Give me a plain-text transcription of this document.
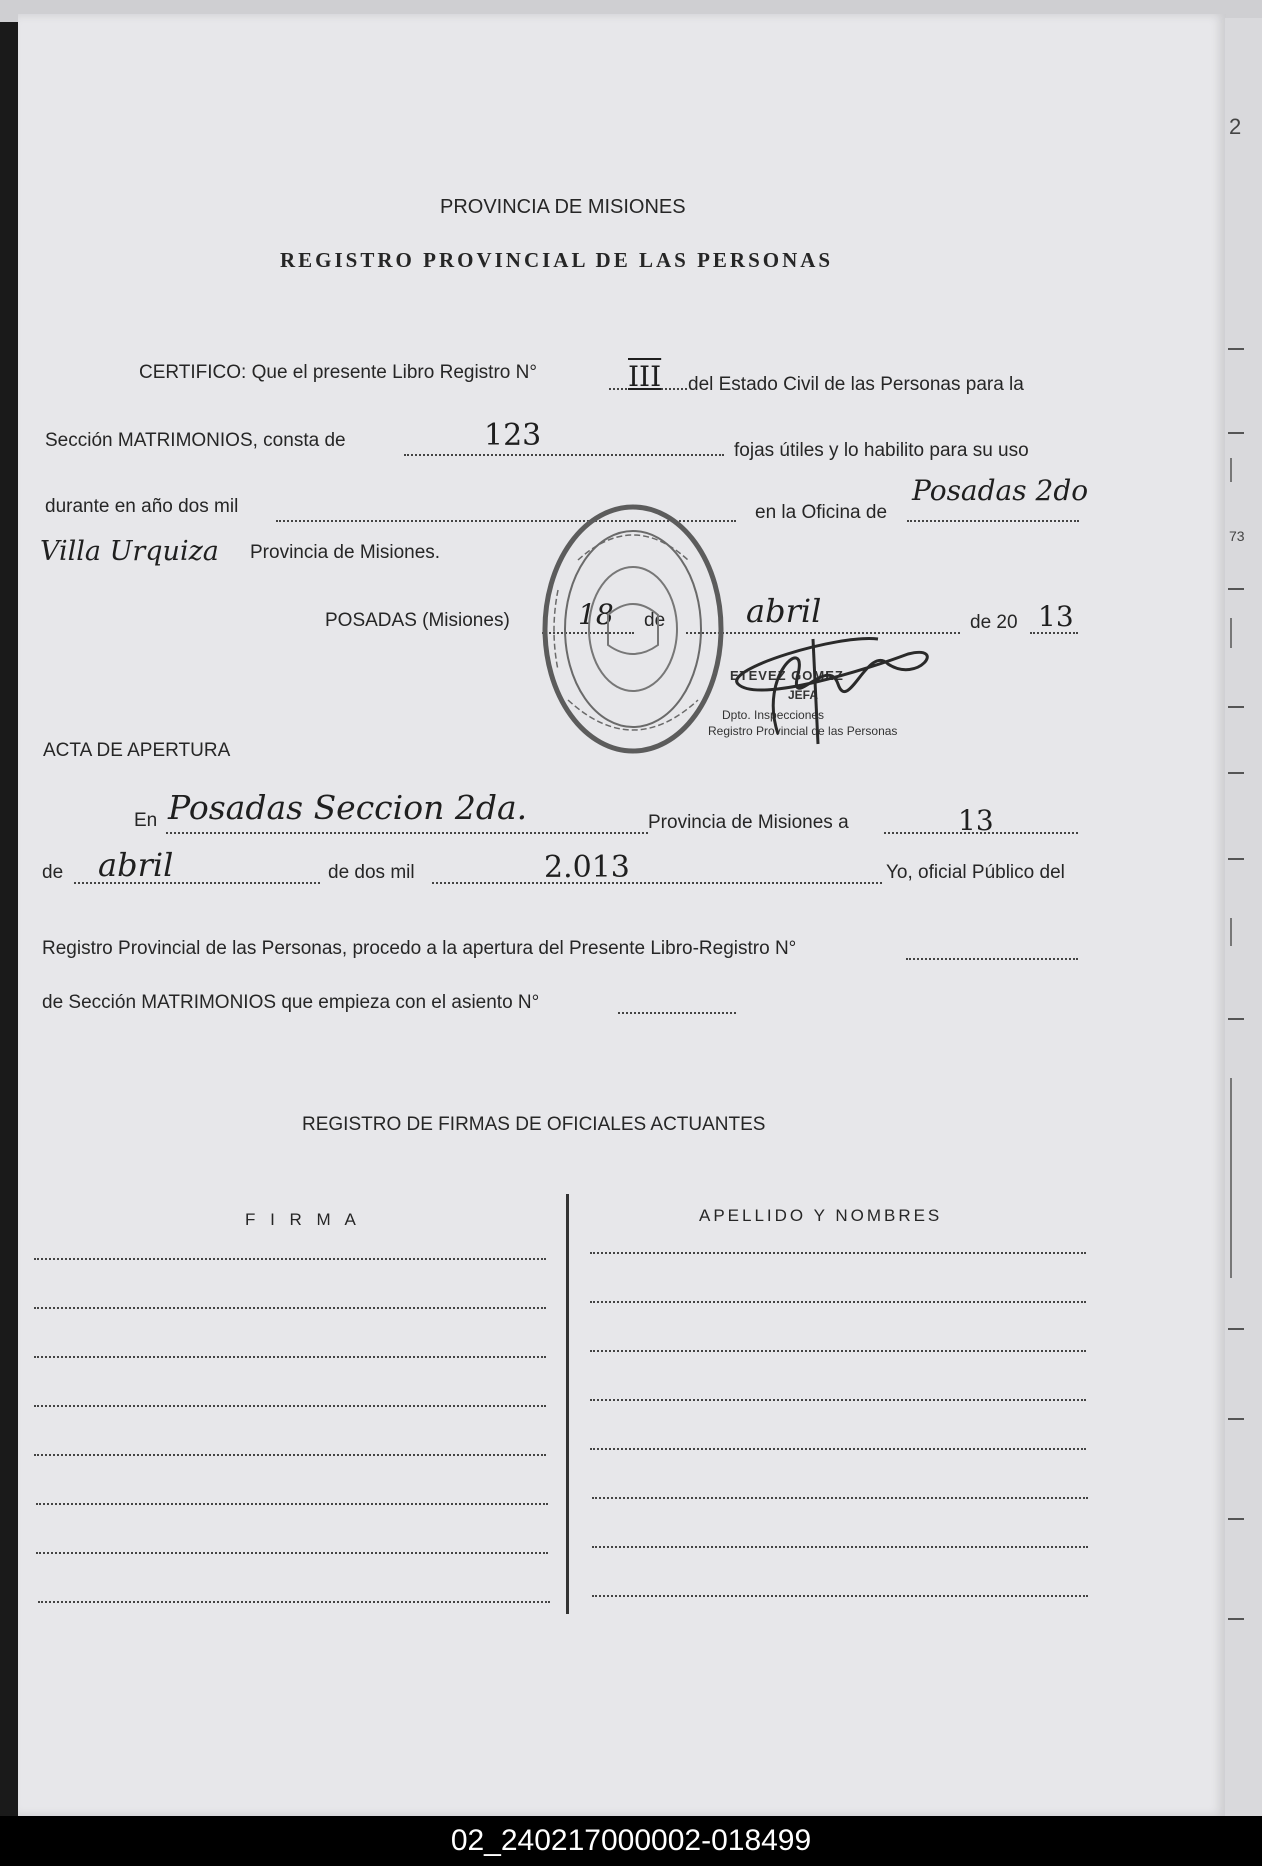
PROVINCIA DE MISIONES
REGISTRO PROVINCIAL DE LAS PERSONAS
CERTIFICO: Que el presente Libro Registro N°	III del Estado Civil de las Personas para la
Sección MATRIMONIOS, consta de	123	fojas útiles y lo habilito para su uso
durante en año dos mil	en la Oficina de
Posadas 2do
Villa Urquiza Provincia de Misiones.
POSADAS (Misiones) 18 de	abril	de 20 13
ETEVEZ GOMEZ
JEFA
Dpto. Inspecciones
Registro Provincial de las Personas
ACTA DE APERTURA
En Posadas Seccion 2da.	Provincia de Misiones a	13
de abril	de dos mil	2.013	Yo, oficial Público del
Registro Provincial de las Personas, procedo a la apertura del Presente Libro-Registro N°
de Sección MATRIMONIOS que empieza con el asiento N°
REGISTRO DE FIRMAS DE OFICIALES ACTUANTES
F I R M A	APELLIDO Y NOMBRES
2
73
02_240217000002-018499
